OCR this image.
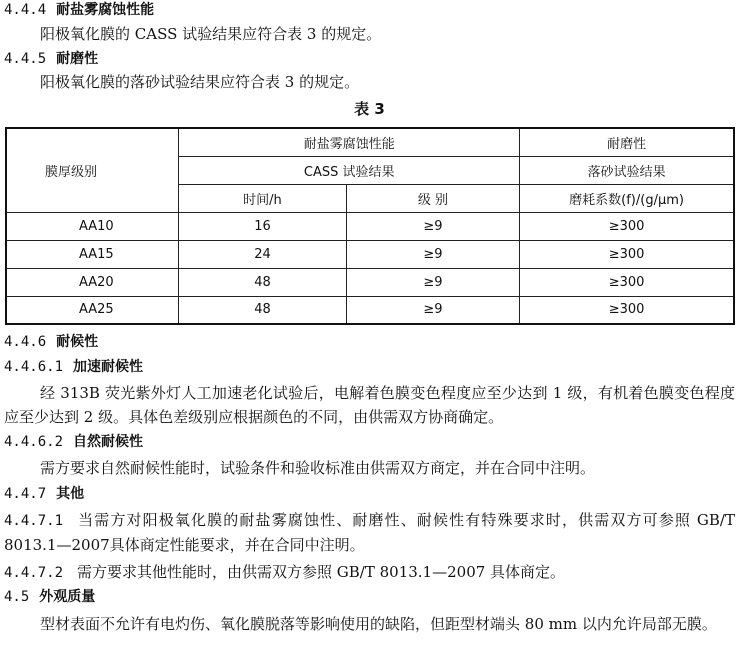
4.4.4 耐盐雾腐蚀性能
阳极氧化膜的 CASS 试验结果应符合表 3 的规定。
4.4.5 耐磨性
阳极氧化膜的落砂试验结果应符合表 3 的规定。
表 3
膜厚级别	耐盐雾腐蚀性能		耐磨性
	CASS 试验结果		落砂试验结果
	时间/h	级 别	磨耗系数(f)/(g/μm)
AA10	16	≥9	≥300
AA15	24	≥9	≥300
AA20	48	≥9	≥300
AA25	48	≥9	≥300
4.4.6 耐候性
4.4.6.1 加速耐候性
经 313B 荧光紫外灯人工加速老化试验后，电解着色膜变色程度应至少达到 1 级，有机着色膜变色程度应至少达到 2 级。具体色差级别应根据颜色的不同，由供需双方协商确定。
4.4.6.2 自然耐候性
需方要求自然耐候性能时，试验条件和验收标准由供需双方商定，并在合同中注明。
4.4.7 其他
4.4.7.1 当需方对阳极氧化膜的耐盐雾腐蚀性、耐磨性、耐候性有特殊要求时，供需双方可参照 GB/T 8013.1—2007具体商定性能要求，并在合同中注明。
4.4.7.2 需方要求其他性能时，由供需双方参照 GB/T 8013.1—2007 具体商定。
4.5 外观质量
型材表面不允许有电灼伤、氧化膜脱落等影响使用的缺陷，但距型材端头 80 mm 以内允许局部无膜。
